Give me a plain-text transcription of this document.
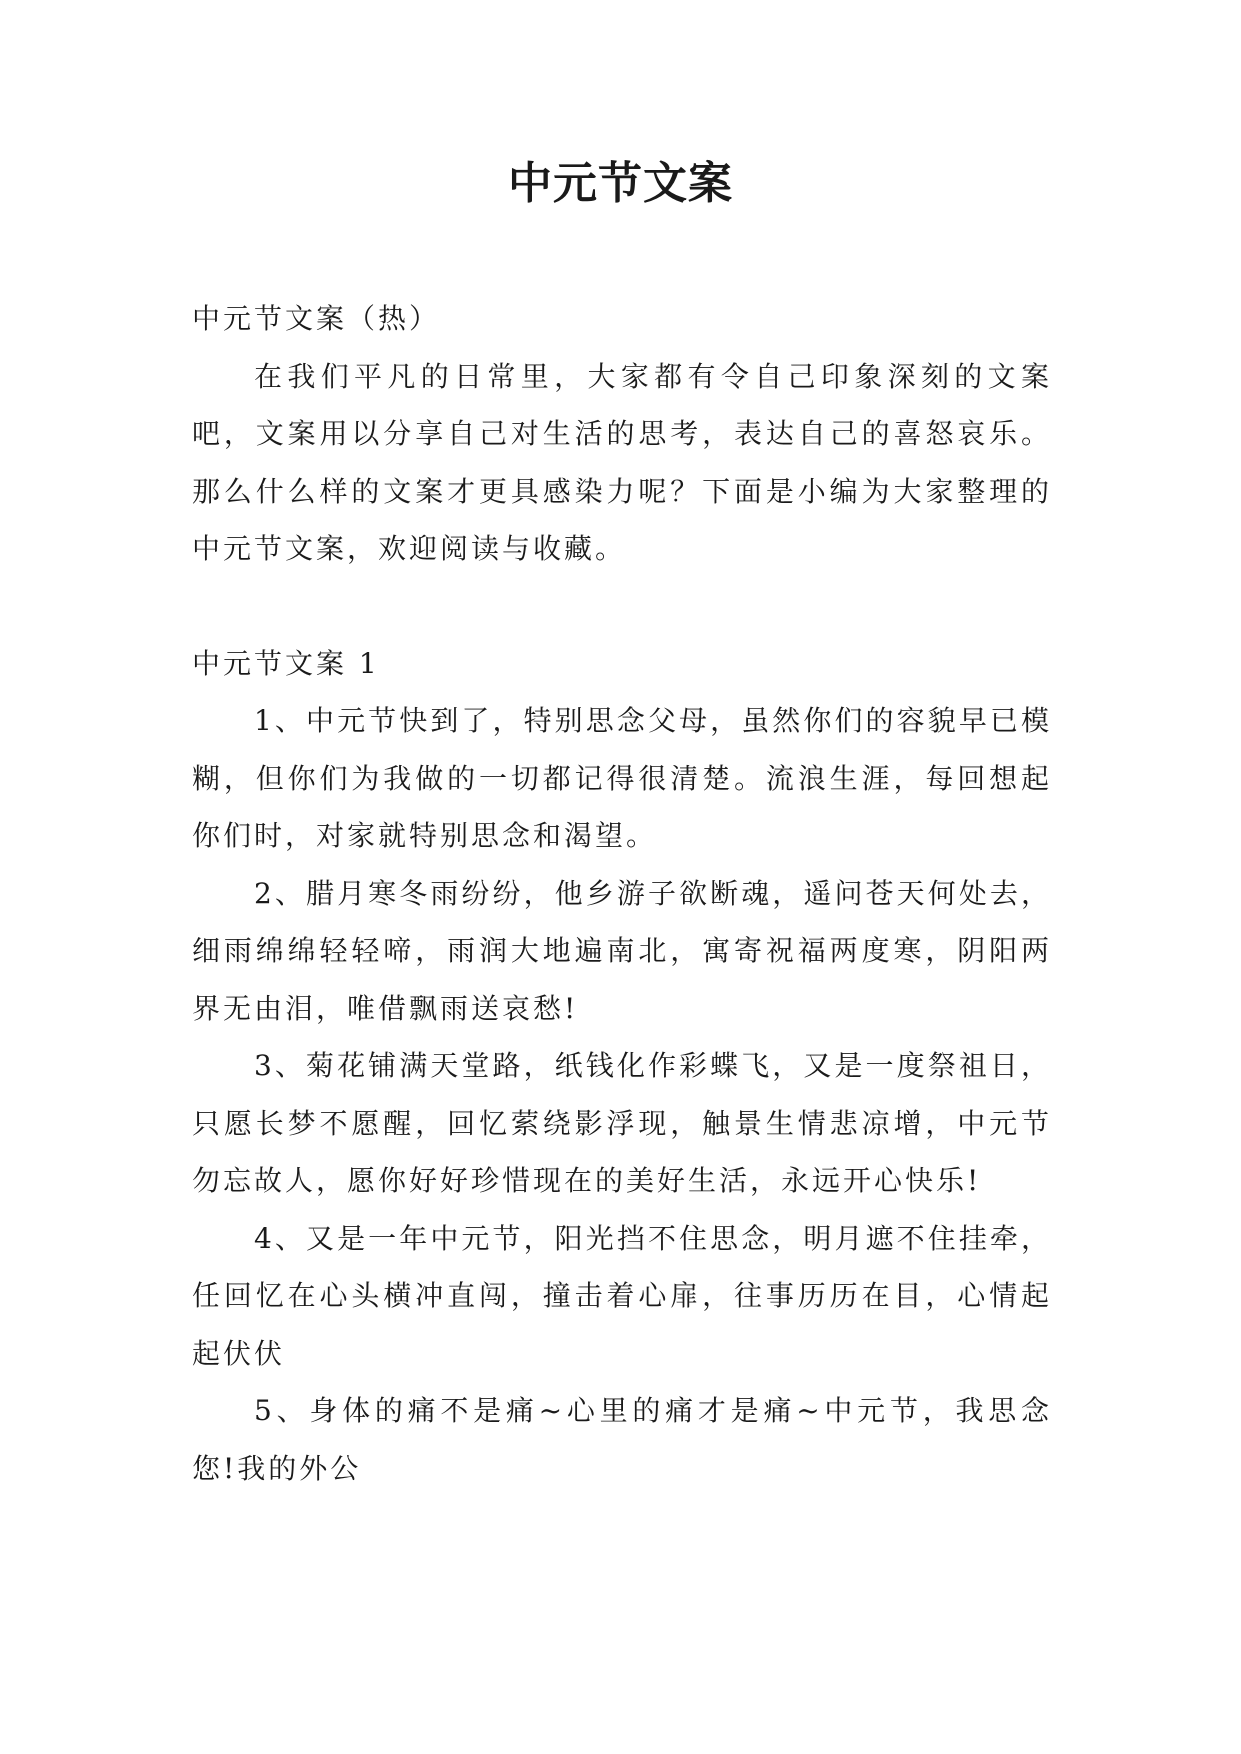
中元节文案

中元节文案（热）

在我们平凡的日常里，大家都有令自己印象深刻的文案吧，文案用以分享自己对生活的思考，表达自己的喜怒哀乐。那么什么样的文案才更具感染力呢？下面是小编为大家整理的中元节文案，欢迎阅读与收藏。

中元节文案 1

1、中元节快到了，特别思念父母，虽然你们的容貌早已模糊，但你们为我做的一切都记得很清楚。流浪生涯，每回想起你们时，对家就特别思念和渴望。

2、腊月寒冬雨纷纷，他乡游子欲断魂，遥问苍天何处去，细雨绵绵轻轻啼，雨润大地遍南北，寓寄祝福两度寒，阴阳两界无由泪，唯借飘雨送哀愁!

3、菊花铺满天堂路，纸钱化作彩蝶飞，又是一度祭祖日，只愿长梦不愿醒，回忆萦绕影浮现，触景生情悲凉增，中元节勿忘故人，愿你好好珍惜现在的美好生活，永远开心快乐!

4、又是一年中元节，阳光挡不住思念，明月遮不住挂牵，任回忆在心头横冲直闯，撞击着心扉，往事历历在目，心情起起伏伏

5、身体的痛不是痛~心里的痛才是痛~中元节，我思念您!我的外公
